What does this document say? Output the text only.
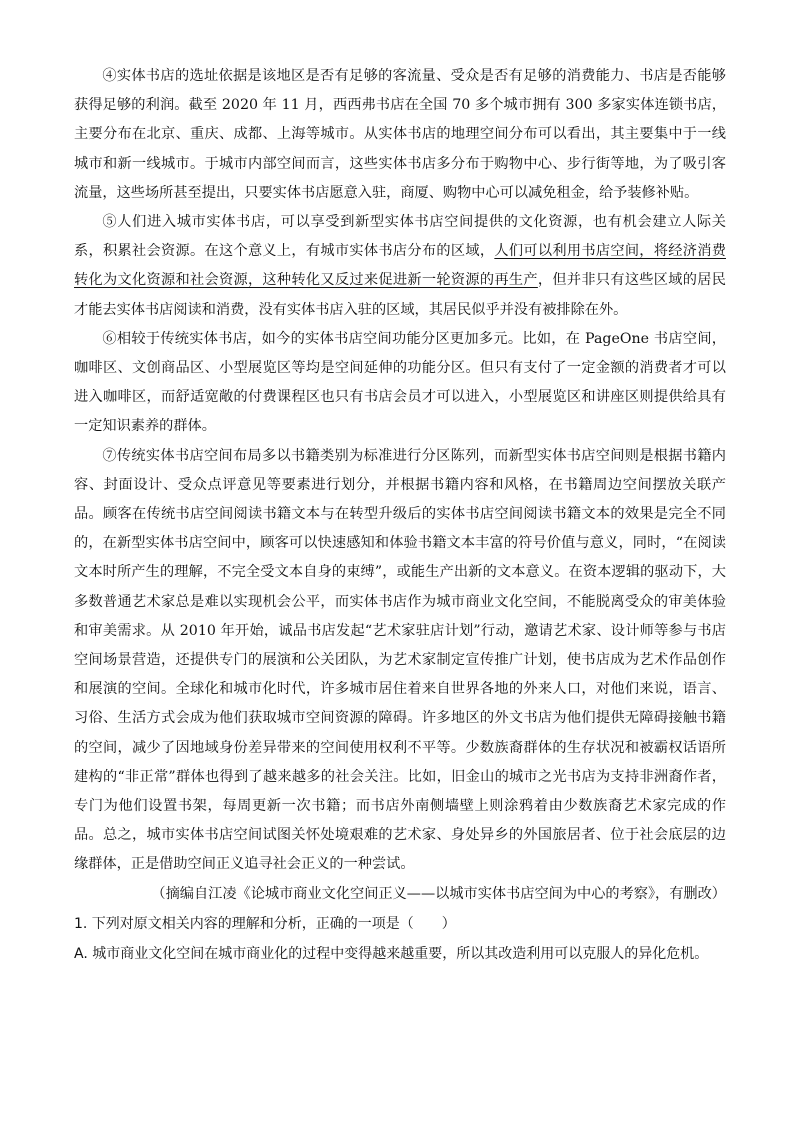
④实体书店的选址依据是该地区是否有足够的客流量、受众是否有足够的消费能力、书店是否能够获得足够的利润。截至 2020 年 11 月，西西弗书店在全国 70 多个城市拥有 300 多家实体连锁书店，主要分布在北京、重庆、成都、上海等城市。从实体书店的地理空间分布可以看出，其主要集中于一线城市和新一线城市。于城市内部空间而言，这些实体书店多分布于购物中心、步行街等地，为了吸引客流量，这些场所甚至提出，只要实体书店愿意入驻，商厦、购物中心可以减免租金，给予装修补贴。

⑤人们进入城市实体书店，可以享受到新型实体书店空间提供的文化资源，也有机会建立人际关系，积累社会资源。在这个意义上，有城市实体书店分布的区域，人们可以利用书店空间，将经济消费转化为文化资源和社会资源，这种转化又反过来促进新一轮资源的再生产，但并非只有这些区域的居民才能去实体书店阅读和消费，没有实体书店入驻的区域，其居民似乎并没有被排除在外。

⑥相较于传统实体书店，如今的实体书店空间功能分区更加多元。比如，在 PageOne 书店空间，咖啡区、文创商品区、小型展览区等均是空间延伸的功能分区。但只有支付了一定金额的消费者才可以进入咖啡区，而舒适宽敞的付费课程区也只有书店会员才可以进入，小型展览区和讲座区则提供给具有一定知识素养的群体。

⑦传统实体书店空间布局多以书籍类别为标准进行分区陈列，而新型实体书店空间则是根据书籍内容、封面设计、受众点评意见等要素进行划分，并根据书籍内容和风格，在书籍周边空间摆放关联产品。顾客在传统书店空间阅读书籍文本与在转型升级后的实体书店空间阅读书籍文本的效果是完全不同的，在新型实体书店空间中，顾客可以快速感知和体验书籍文本丰富的符号价值与意义，同时，“在阅读文本时所产生的理解，不完全受文本自身的束缚”，或能生产出新的文本意义。在资本逻辑的驱动下，大多数普通艺术家总是难以实现机会公平，而实体书店作为城市商业文化空间，不能脱离受众的审美体验和审美需求。从 2010 年开始，诚品书店发起“艺术家驻店计划”行动，邀请艺术家、设计师等参与书店空间场景营造，还提供专门的展演和公关团队，为艺术家制定宣传推广计划，使书店成为艺术作品创作和展演的空间。全球化和城市化时代，许多城市居住着来自世界各地的外来人口，对他们来说，语言、习俗、生活方式会成为他们获取城市空间资源的障碍。许多地区的外文书店为他们提供无障碍接触书籍的空间，减少了因地域身份差异带来的空间使用权利不平等。少数族裔群体的生存状况和被霸权话语所建构的“非正常”群体也得到了越来越多的社会关注。比如，旧金山的城市之光书店为支持非洲裔作者，专门为他们设置书架，每周更新一次书籍；而书店外南侧墙壁上则涂鸦着由少数族裔艺术家完成的作品。总之，城市实体书店空间试图关怀处境艰难的艺术家、身处异乡的外国旅居者、位于社会底层的边缘群体，正是借助空间正义追寻社会正义的一种尝试。

（摘编自江凌《论城市商业文化空间正义——以城市实体书店空间为中心的考察》，有删改）

1. 下列对原文相关内容的理解和分析，正确的一项是（　　）

A. 城市商业文化空间在城市商业化的过程中变得越来越重要，所以其改造利用可以克服人的异化危机。
